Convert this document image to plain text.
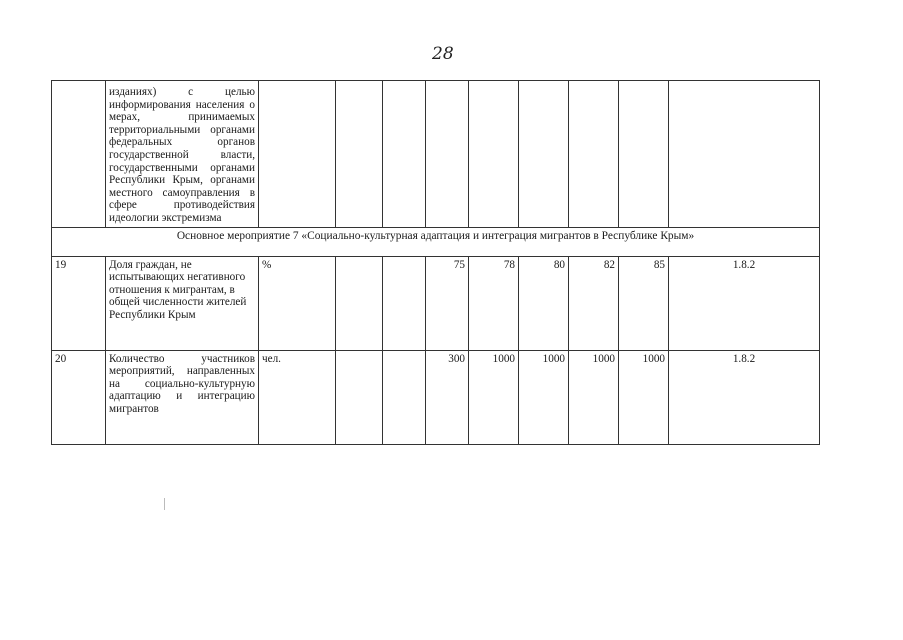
28
	изданиях) с целью информирования населения о мерах, принимаемых территориальными органами федеральных органов государственной власти, государственными органами Республики Крым, органами местного самоуправления в сфере противодействия идеологии экстремизма									
Основное мероприятие 7 «Социально-культурная адаптация и интеграция мигрантов в Республике Крым»										
19	Доля граждан, не испытывающих негативного отношения к мигрантам, в общей численности жителей Республики Крым	%			75	78	80	82	85	1.8.2
20	Количество участников мероприятий, направленных на социально-культурную адаптацию и интеграцию мигрантов	чел.			300	1000	1000	1000	1000	1.8.2
